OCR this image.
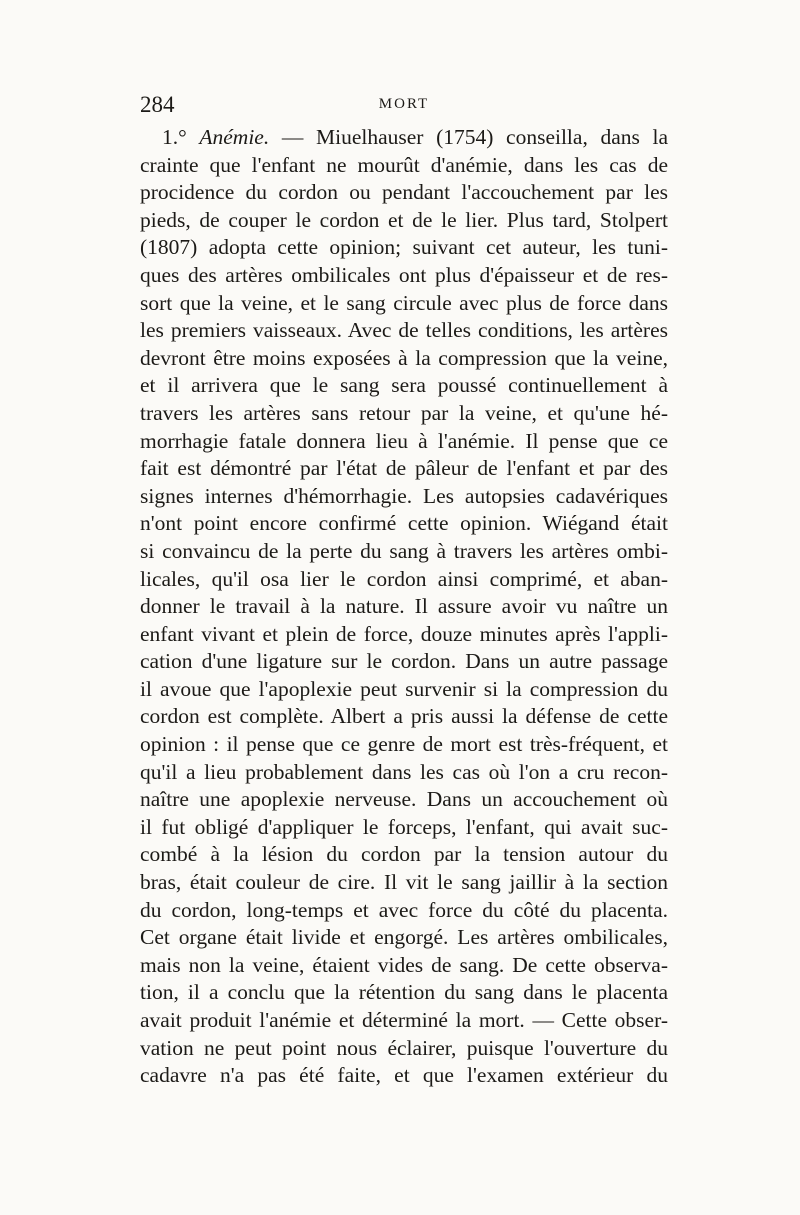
284	MORT
1.° Anémie. — Miuelhauser (1754) conseilla, dans la
crainte que l'enfant ne mourût d'anémie, dans les cas de
procidence du cordon ou pendant l'accouchement par les
pieds, de couper le cordon et de le lier. Plus tard, Stolpert
(1807) adopta cette opinion; suivant cet auteur, les tuni-
ques des artères ombilicales ont plus d'épaisseur et de res-
sort que la veine, et le sang circule avec plus de force dans
les premiers vaisseaux. Avec de telles conditions, les artères
devront être moins exposées à la compression que la veine,
et il arrivera que le sang sera poussé continuellement à
travers les artères sans retour par la veine, et qu'une hé-
morrhagie fatale donnera lieu à l'anémie. Il pense que ce
fait est démontré par l'état de pâleur de l'enfant et par des
signes internes d'hémorrhagie. Les autopsies cadavériques
n'ont point encore confirmé cette opinion. Wiégand était
si convaincu de la perte du sang à travers les artères ombi-
licales, qu'il osa lier le cordon ainsi comprimé, et aban-
donner le travail à la nature. Il assure avoir vu naître un
enfant vivant et plein de force, douze minutes après l'appli-
cation d'une ligature sur le cordon. Dans un autre passage
il avoue que l'apoplexie peut survenir si la compression du
cordon est complète. Albert a pris aussi la défense de cette
opinion : il pense que ce genre de mort est très-fréquent, et
qu'il a lieu probablement dans les cas où l'on a cru recon-
naître une apoplexie nerveuse. Dans un accouchement où
il fut obligé d'appliquer le forceps, l'enfant, qui avait suc-
combé à la lésion du cordon par la tension autour du
bras, était couleur de cire. Il vit le sang jaillir à la section
du cordon, long-temps et avec force du côté du placenta.
Cet organe était livide et engorgé. Les artères ombilicales,
mais non la veine, étaient vides de sang. De cette observa-
tion, il a conclu que la rétention du sang dans le placenta
avait produit l'anémie et déterminé la mort. — Cette obser-
vation ne peut point nous éclairer, puisque l'ouverture du
cadavre n'a pas été faite, et que l'examen extérieur du
